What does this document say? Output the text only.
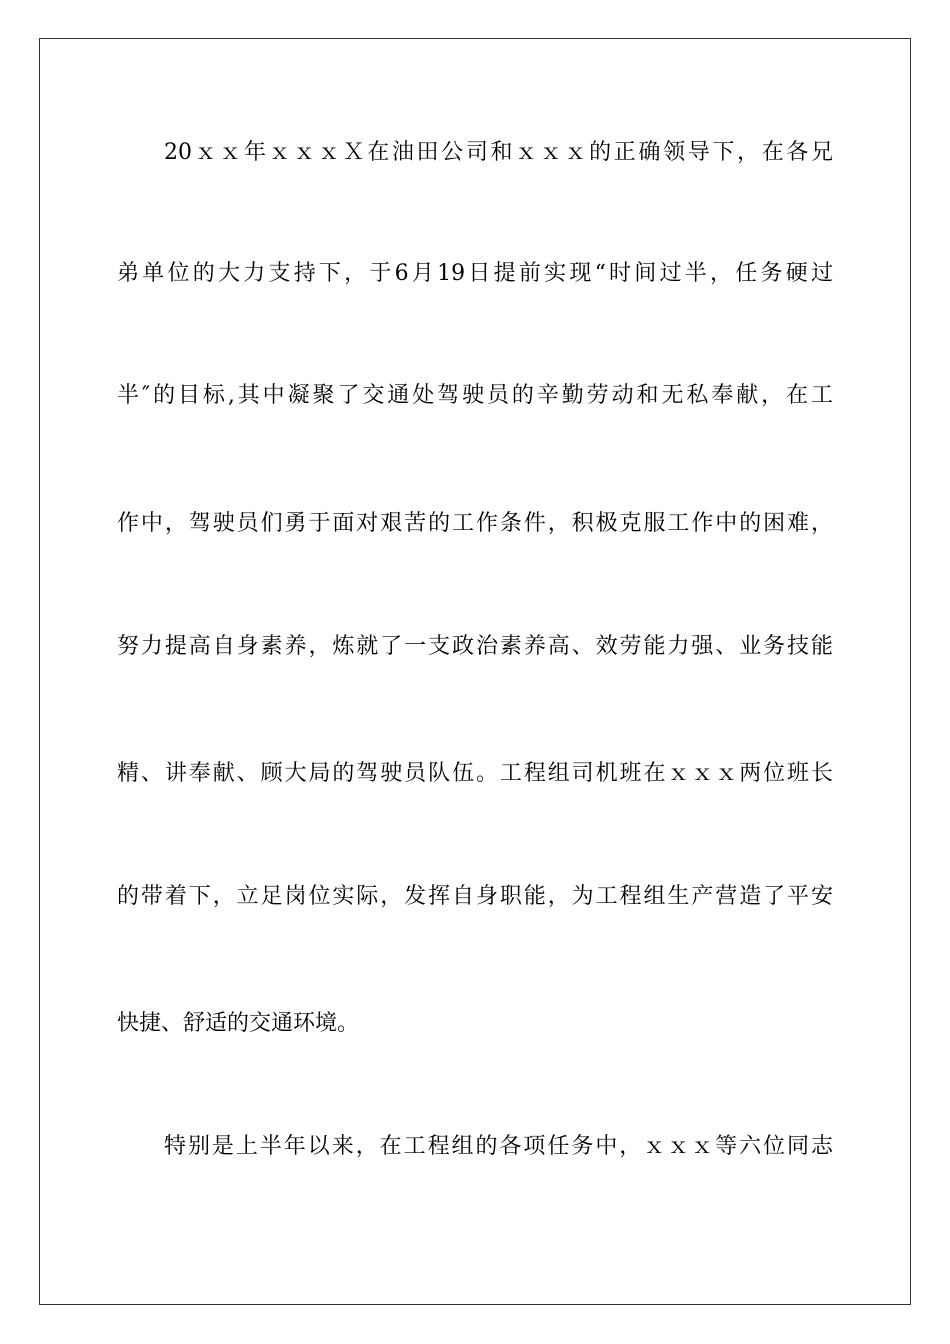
20ｘｘ年ｘｘｘＸ在油田公司和ｘｘｘ的正确领导下，在各兄
弟单位的大力支持下，于6月19日提前实现“时间过半，任务硬过
半″的目标,其中凝聚了交通处驾驶员的辛勤劳动和无私奉献，在工
作中，驾驶员们勇于面对艰苦的工作条件，积极克服工作中的困难，
努力提高自身素养，炼就了一支政治素养高、效劳能力强、业务技能
精、讲奉献、顾大局的驾驶员队伍。工程组司机班在ｘｘｘ两位班长
的带着下，立足岗位实际，发挥自身职能，为工程组生产营造了平安
快捷、舒适的交通环境。
特别是上半年以来，在工程组的各项任务中，ｘｘｘ等六位同志
